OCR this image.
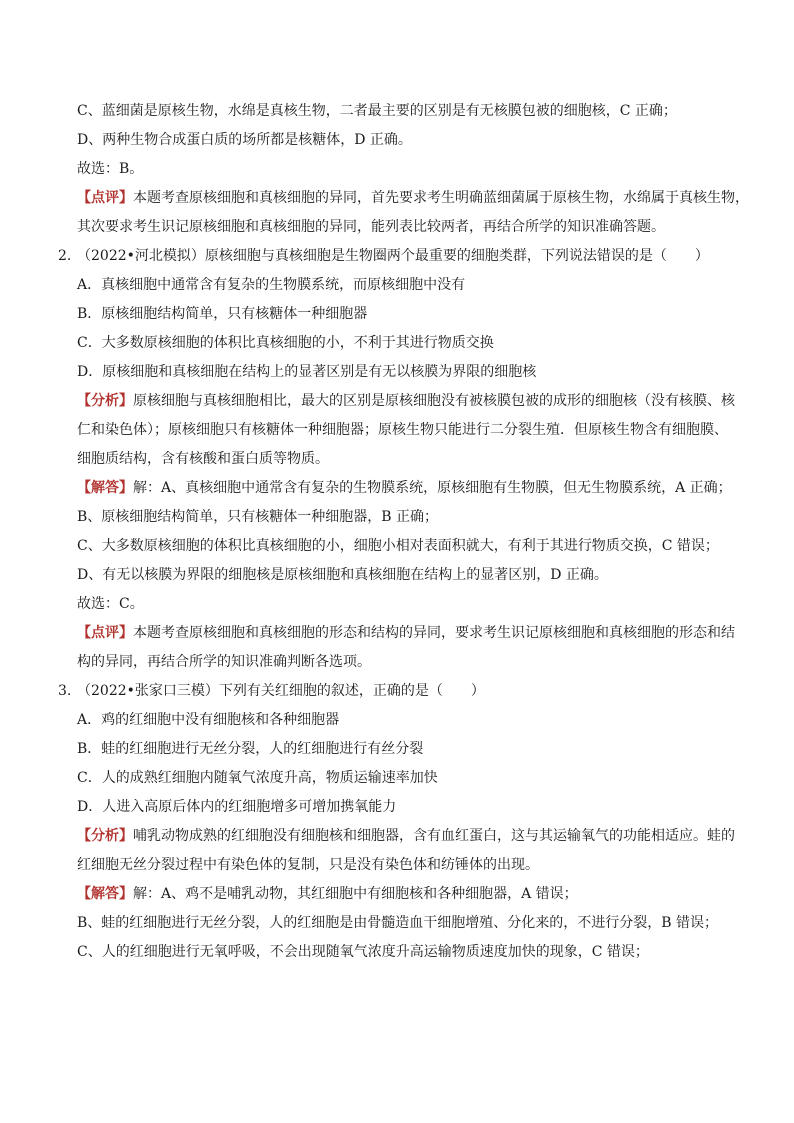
C、蓝细菌是原核生物，水绵是真核生物，二者最主要的区别是有无核膜包被的细胞核，C 正确；
D、两种生物合成蛋白质的场所都是核糖体，D 正确。
故选：B。
【点评】本题考查原核细胞和真核细胞的异同，首先要求考生明确蓝细菌属于原核生物，水绵属于真核生物，
其次要求考生识记原核细胞和真核细胞的异同，能列表比较两者，再结合所学的知识准确答题。
2. （2022•河北模拟）原核细胞与真核细胞是生物圈两个最重要的细胞类群，下列说法错误的是（　　）
A．真核细胞中通常含有复杂的生物膜系统，而原核细胞中没有
B．原核细胞结构简单，只有核糖体一种细胞器
C．大多数原核细胞的体积比真核细胞的小，不利于其进行物质交换
D．原核细胞和真核细胞在结构上的显著区别是有无以核膜为界限的细胞核
【分析】原核细胞与真核细胞相比，最大的区别是原核细胞没有被核膜包被的成形的细胞核（没有核膜、核
仁和染色体）；原核细胞只有核糖体一种细胞器；原核生物只能进行二分裂生殖．但原核生物含有细胞膜、
细胞质结构，含有核酸和蛋白质等物质。
【解答】解：A、真核细胞中通常含有复杂的生物膜系统，原核细胞有生物膜，但无生物膜系统，A 正确；
B、原核细胞结构简单，只有核糖体一种细胞器，B 正确；
C、大多数原核细胞的体积比真核细胞的小，细胞小相对表面积就大，有利于其进行物质交换，C 错误；
D、有无以核膜为界限的细胞核是原核细胞和真核细胞在结构上的显著区别，D 正确。
故选：C。
【点评】本题考查原核细胞和真核细胞的形态和结构的异同，要求考生识记原核细胞和真核细胞的形态和结
构的异同，再结合所学的知识准确判断各选项。
3. （2022•张家口三模）下列有关红细胞的叙述，正确的是（　　）
A．鸡的红细胞中没有细胞核和各种细胞器
B．蛙的红细胞进行无丝分裂，人的红细胞进行有丝分裂
C．人的成熟红细胞内随氧气浓度升高，物质运输速率加快
D．人进入高原后体内的红细胞增多可增加携氧能力
【分析】哺乳动物成熟的红细胞没有细胞核和细胞器，含有血红蛋白，这与其运输氧气的功能相适应。蛙的
红细胞无丝分裂过程中有染色体的复制，只是没有染色体和纺锤体的出现。
【解答】解：A、鸡不是哺乳动物，其红细胞中有细胞核和各种细胞器，A 错误；
B、蛙的红细胞进行无丝分裂，人的红细胞是由骨髓造血干细胞增殖、分化来的，不进行分裂，B 错误；
C、人的红细胞进行无氧呼吸，不会出现随氧气浓度升高运输物质速度加快的现象，C 错误；
